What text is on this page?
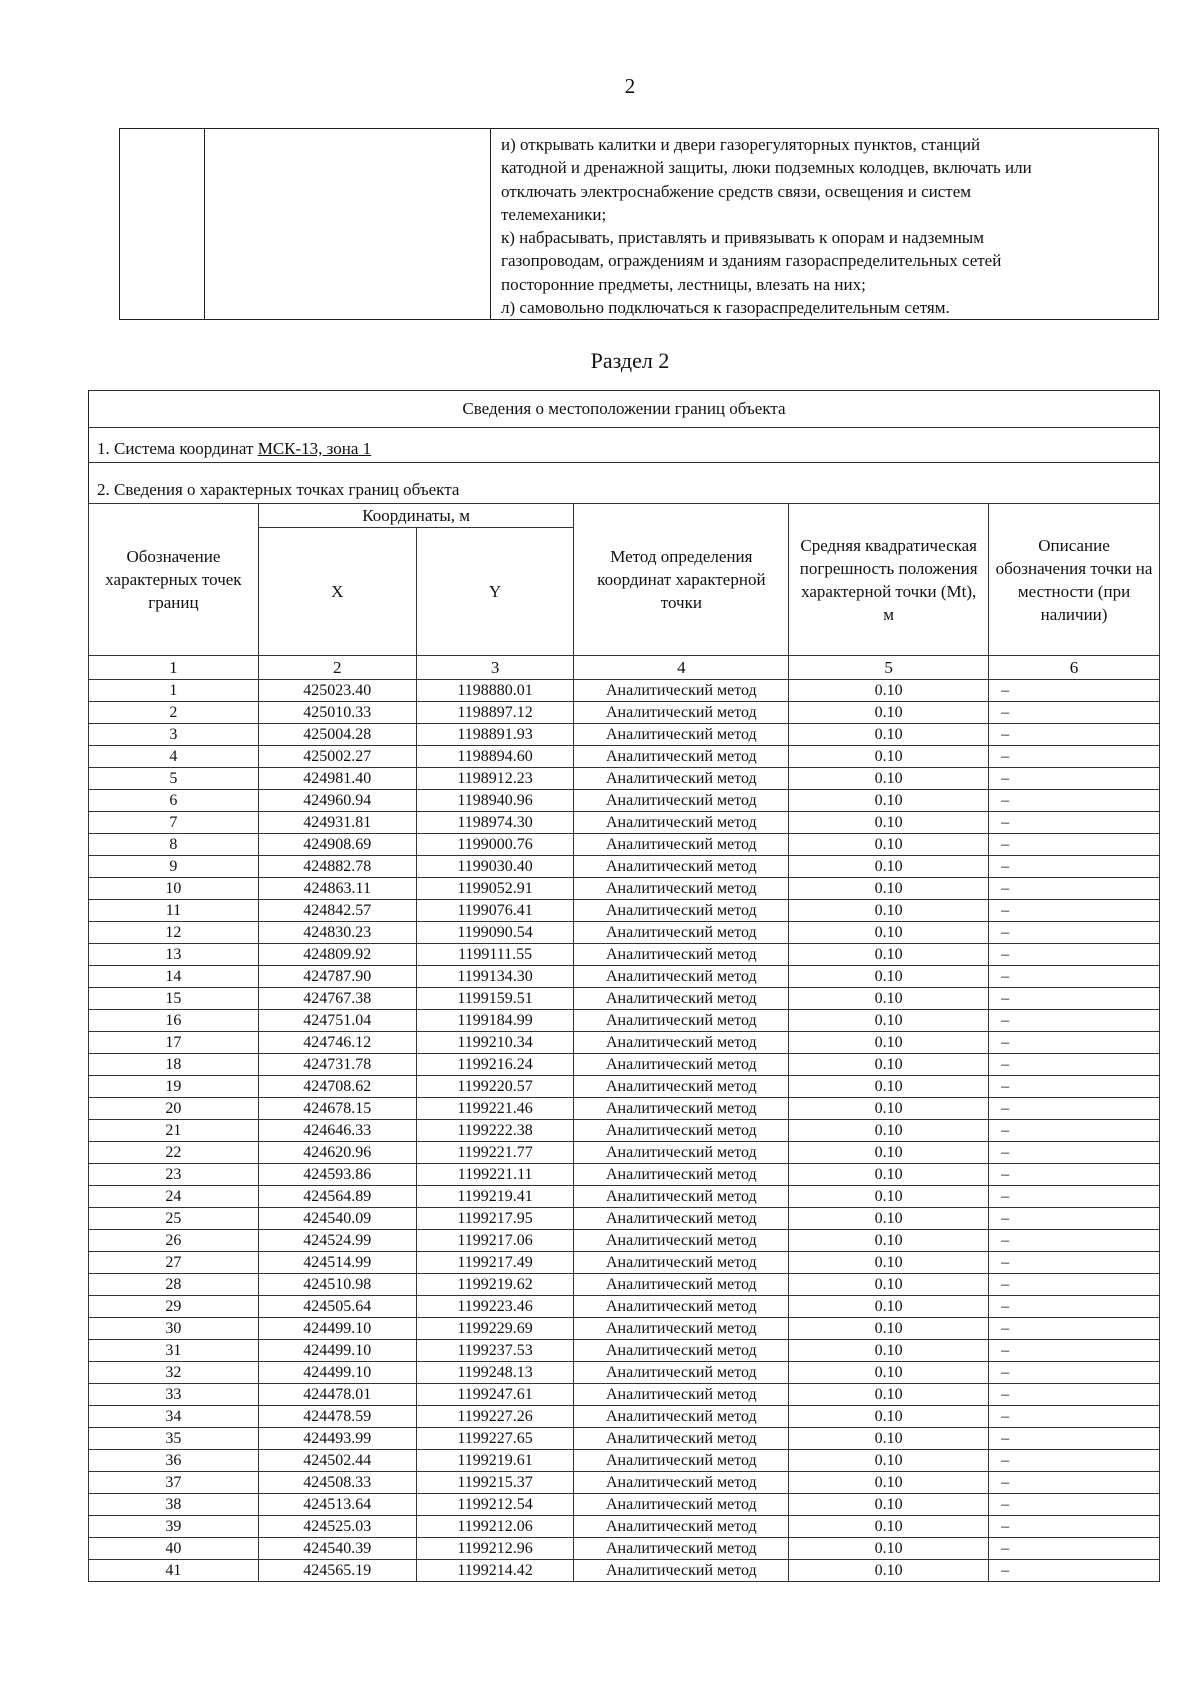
2

и) открывать калитки и двери газорегуляторных пунктов, станций
катодной и дренажной защиты, люки подземных колодцев, включать или
отключать электроснабжение средств связи, освещения и систем
телемеханики;
к) набрасывать, приставлять и привязывать к опорам и надземным
газопроводам, ограждениям и зданиям газораспределительных сетей
посторонние предметы, лестницы, влезать на них;
л) самовольно подключаться к газораспределительным сетям.
Раздел 2
Сведения о местоположении границ объекта					
1. Система координат МСК-13, зона 1					
2. Сведения о характерных точках границ объекта					
Обозначение характерных точек границ	Координаты, м		Метод определения координат характерной точки	Средняя квадратическая погрешность положения характерной точки (Mt), м	Описание обозначения точки на местности (при наличии)
	X	Y			
1	2	3	4	5	6
1	425023.40	1198880.01	Аналитический метод	0.10	–
2	425010.33	1198897.12	Аналитический метод	0.10	–
3	425004.28	1198891.93	Аналитический метод	0.10	–
4	425002.27	1198894.60	Аналитический метод	0.10	–
5	424981.40	1198912.23	Аналитический метод	0.10	–
6	424960.94	1198940.96	Аналитический метод	0.10	–
7	424931.81	1198974.30	Аналитический метод	0.10	–
8	424908.69	1199000.76	Аналитический метод	0.10	–
9	424882.78	1199030.40	Аналитический метод	0.10	–
10	424863.11	1199052.91	Аналитический метод	0.10	–
11	424842.57	1199076.41	Аналитический метод	0.10	–
12	424830.23	1199090.54	Аналитический метод	0.10	–
13	424809.92	1199111.55	Аналитический метод	0.10	–
14	424787.90	1199134.30	Аналитический метод	0.10	–
15	424767.38	1199159.51	Аналитический метод	0.10	–
16	424751.04	1199184.99	Аналитический метод	0.10	–
17	424746.12	1199210.34	Аналитический метод	0.10	–
18	424731.78	1199216.24	Аналитический метод	0.10	–
19	424708.62	1199220.57	Аналитический метод	0.10	–
20	424678.15	1199221.46	Аналитический метод	0.10	–
21	424646.33	1199222.38	Аналитический метод	0.10	–
22	424620.96	1199221.77	Аналитический метод	0.10	–
23	424593.86	1199221.11	Аналитический метод	0.10	–
24	424564.89	1199219.41	Аналитический метод	0.10	–
25	424540.09	1199217.95	Аналитический метод	0.10	–
26	424524.99	1199217.06	Аналитический метод	0.10	–
27	424514.99	1199217.49	Аналитический метод	0.10	–
28	424510.98	1199219.62	Аналитический метод	0.10	–
29	424505.64	1199223.46	Аналитический метод	0.10	–
30	424499.10	1199229.69	Аналитический метод	0.10	–
31	424499.10	1199237.53	Аналитический метод	0.10	–
32	424499.10	1199248.13	Аналитический метод	0.10	–
33	424478.01	1199247.61	Аналитический метод	0.10	–
34	424478.59	1199227.26	Аналитический метод	0.10	–
35	424493.99	1199227.65	Аналитический метод	0.10	–
36	424502.44	1199219.61	Аналитический метод	0.10	–
37	424508.33	1199215.37	Аналитический метод	0.10	–
38	424513.64	1199212.54	Аналитический метод	0.10	–
39	424525.03	1199212.06	Аналитический метод	0.10	–
40	424540.39	1199212.96	Аналитический метод	0.10	–
41	424565.19	1199214.42	Аналитический метод	0.10	–
